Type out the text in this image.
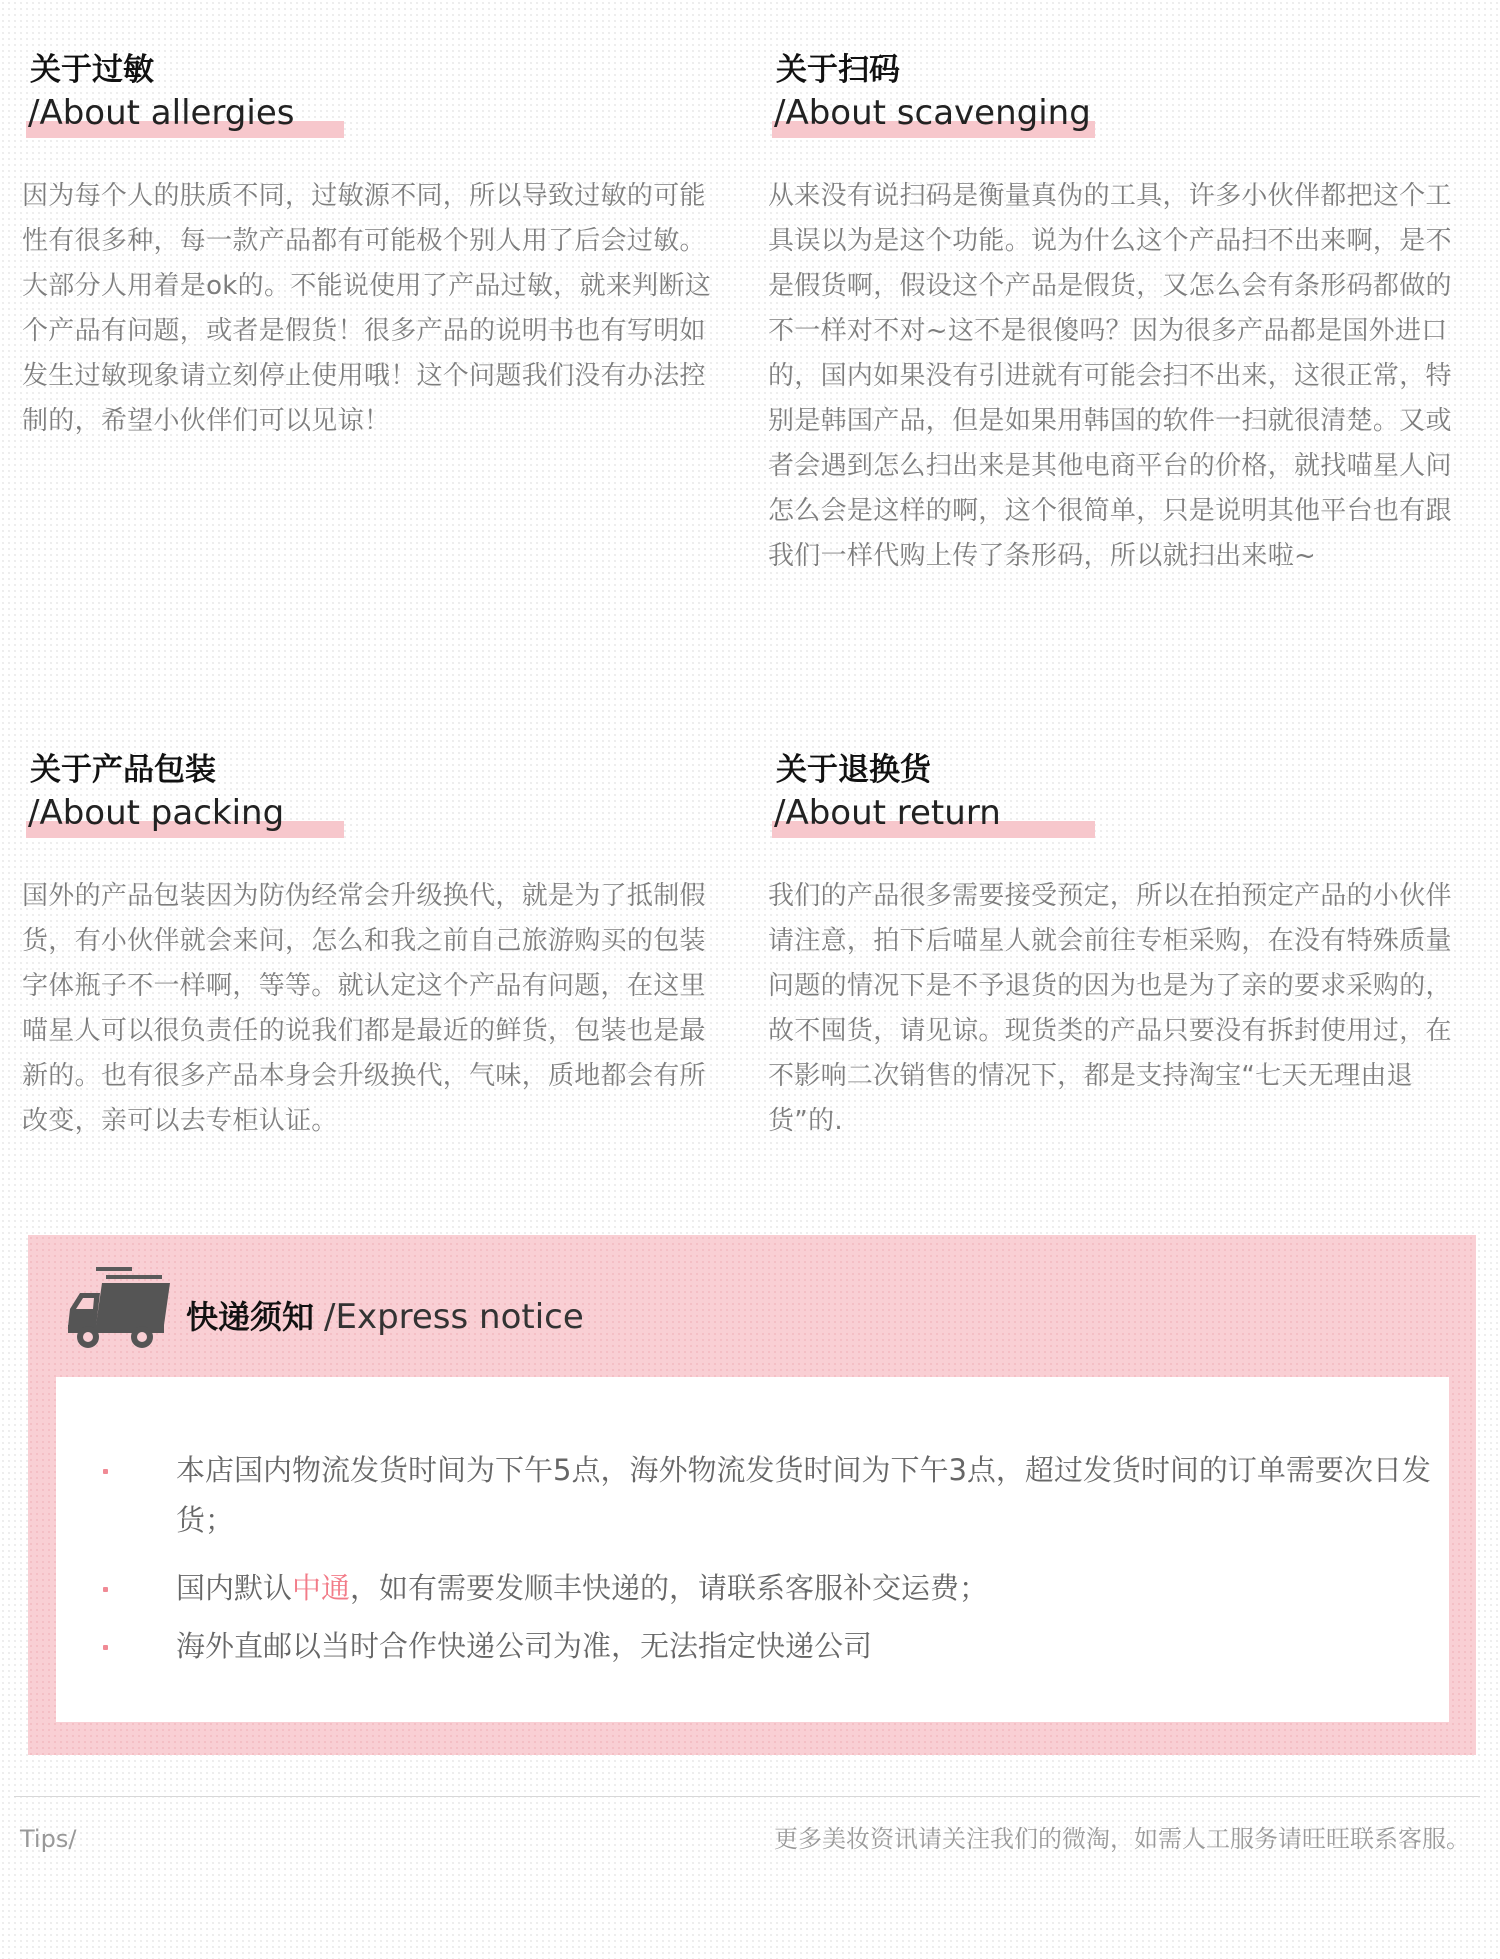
关于过敏
/About allergies
因为每个人的肤质不同，过敏源不同，所以导致过敏的可能性有很多种，每一款产品都有可能极个别人用了后会过敏。大部分人用着是ok的。不能说使用了产品过敏，就来判断这个产品有问题，或者是假货！很多产品的说明书也有写明如发生过敏现象请立刻停止使用哦！这个问题我们没有办法控制的，希望小伙伴们可以见谅！
关于扫码
/About scavenging
从来没有说扫码是衡量真伪的工具，许多小伙伴都把这个工具误以为是这个功能。说为什么这个产品扫不出来啊，是不是假货啊，假设这个产品是假货，又怎么会有条形码都做的不一样对不对~这不是很傻吗？因为很多产品都是国外进口的，国内如果没有引进就有可能会扫不出来，这很正常，特别是韩国产品，但是如果用韩国的软件一扫就很清楚。又或者会遇到怎么扫出来是其他电商平台的价格，就找喵星人问怎么会是这样的啊，这个很简单，只是说明其他平台也有跟我们一样代购上传了条形码，所以就扫出来啦~
关于产品包装
/About packing
国外的产品包装因为防伪经常会升级换代，就是为了抵制假货，有小伙伴就会来问，怎么和我之前自己旅游购买的包装字体瓶子不一样啊，等等。就认定这个产品有问题，在这里喵星人可以很负责任的说我们都是最近的鲜货，包装也是最新的。也有很多产品本身会升级换代，气味，质地都会有所改变，亲可以去专柜认证。
关于退换货
/About return
我们的产品很多需要接受预定，所以在拍预定产品的小伙伴请注意，拍下后喵星人就会前往专柜采购，在没有特殊质量问题的情况下是不予退货的因为也是为了亲的要求采购的，故不囤货，请见谅。现货类的产品只要没有拆封使用过，在不影响二次销售的情况下，都是支持淘宝“七天无理由退货”的.
快递须知 /Express notice
本店国内物流发货时间为下午5点，海外物流发货时间为下午3点，超过发货时间的订单需要次日发货；
国内默认中通，如有需要发顺丰快递的，请联系客服补交运费；
海外直邮以当时合作快递公司为准，无法指定快递公司
Tips/	更多美妆资讯请关注我们的微淘，如需人工服务请旺旺联系客服。
